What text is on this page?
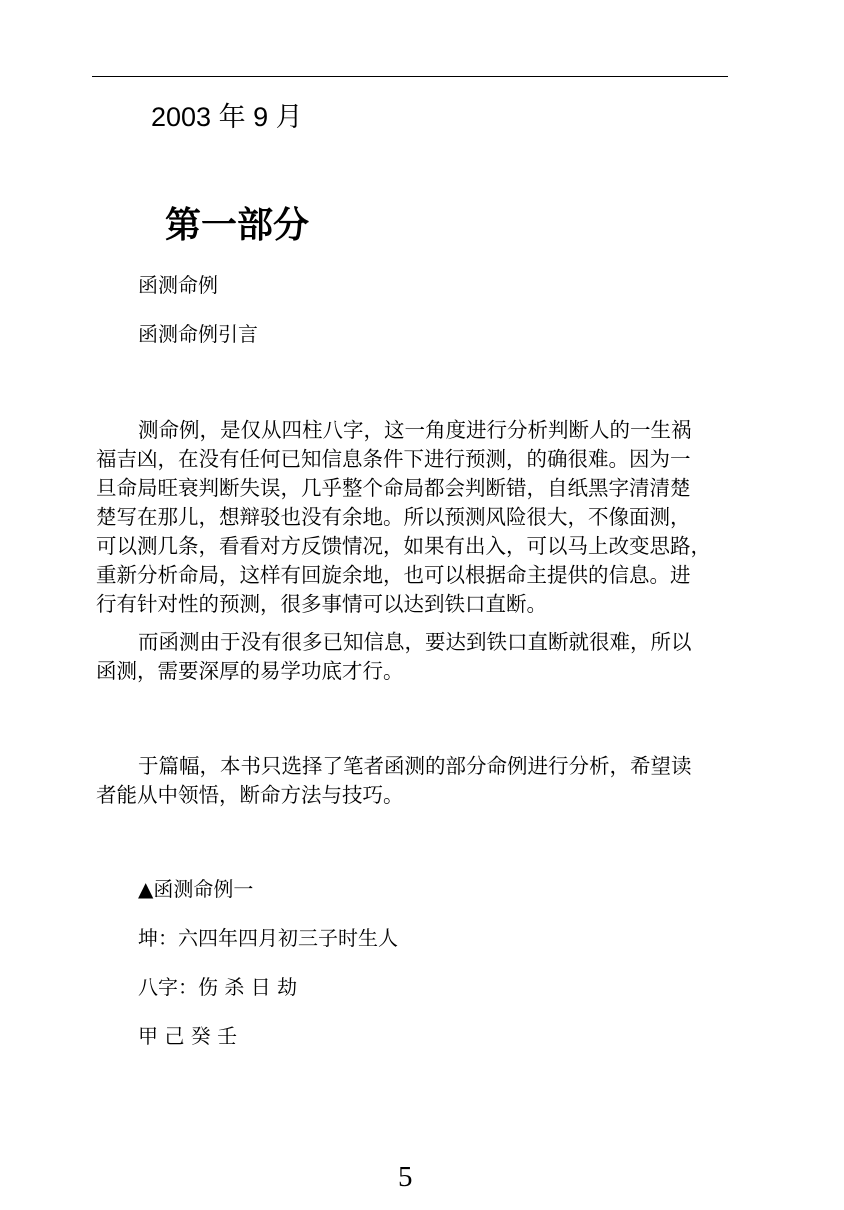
2003 年 9 月
第一部分
函测命例
函测命例引言
测命例，是仅从四柱八字，这一角度进行分析判断人的一生祸
福吉凶，在没有任何已知信息条件下进行预测，的确很难。因为一
旦命局旺衰判断失误，几乎整个命局都会判断错，自纸黑字清清楚
楚写在那儿，想辩驳也没有余地。所以预测风险很大，不像面测，
可以测几条，看看对方反馈情况，如果有出入，可以马上改变思路，
重新分析命局，这样有回旋余地，也可以根据命主提供的信息。进
行有针对性的预测，很多事情可以达到铁口直断。
而函测由于没有很多已知信息，要达到铁口直断就很难，所以
函测，需要深厚的易学功底才行。
于篇幅，本书只选择了笔者函测的部分命例进行分析，希望读
者能从中领悟，断命方法与技巧。
▲函测命例一
坤：六四年四月初三子时生人
八字：伤 杀 日 劫
甲 己 癸 壬
5
